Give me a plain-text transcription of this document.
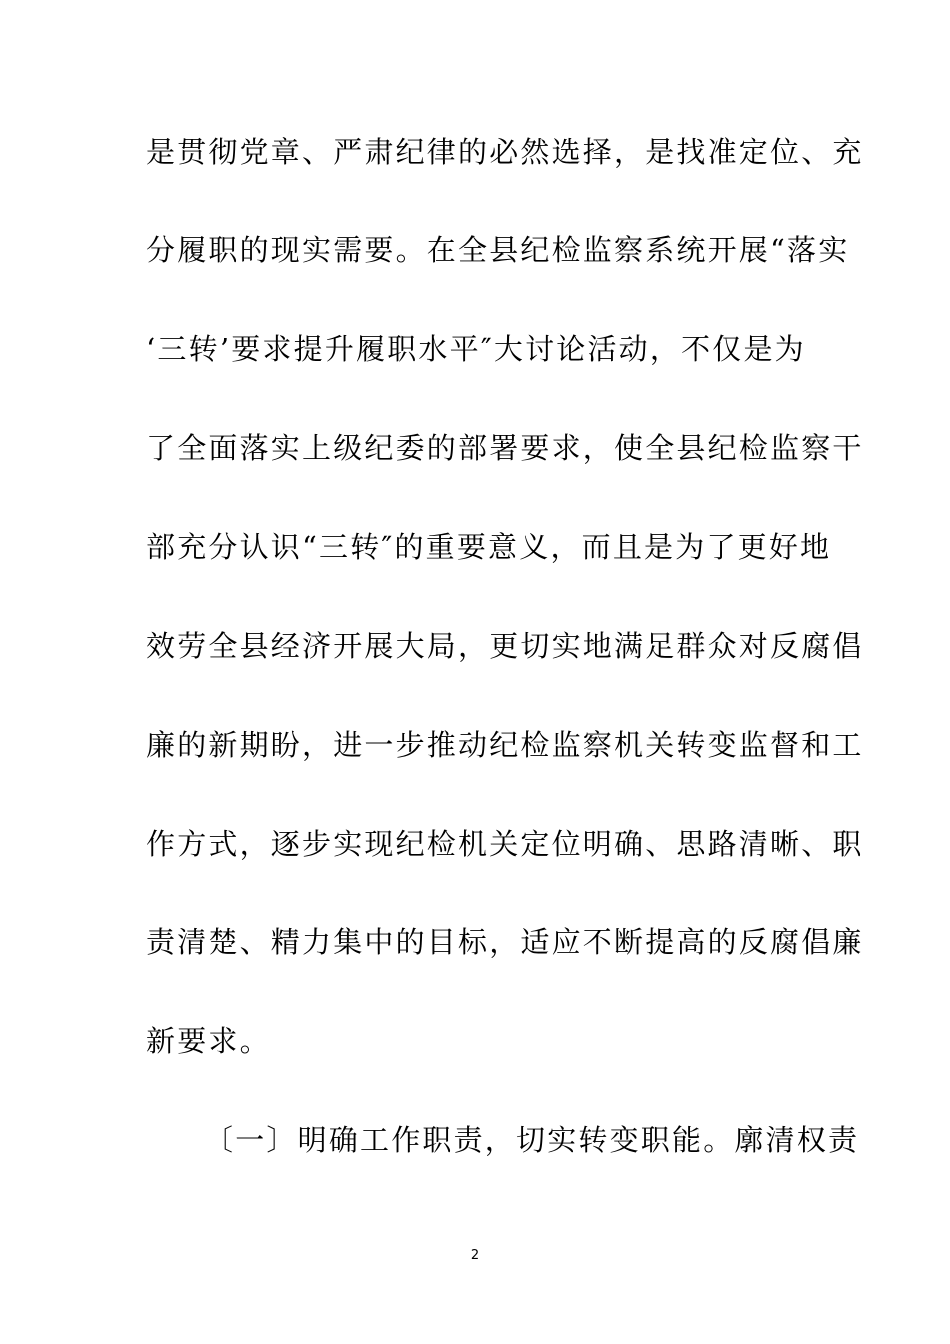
是贯彻党章、严肃纪律的必然选择，是找准定位、充
分履职的现实需要。在全县纪检监察系统开展“落实
‘三转’要求提升履职水平″大讨论活动，不仅是为
了全面落实上级纪委的部署要求，使全县纪检监察干
部充分认识“三转″的重要意义，而且是为了更好地
效劳全县经济开展大局，更切实地满足群众对反腐倡
廉的新期盼，进一步推动纪检监察机关转变监督和工
作方式，逐步实现纪检机关定位明确、思路清晰、职
责清楚、精力集中的目标，适应不断提高的反腐倡廉
新要求。
〔一〕明确工作职责，切实转变职能。廓清权责
2
